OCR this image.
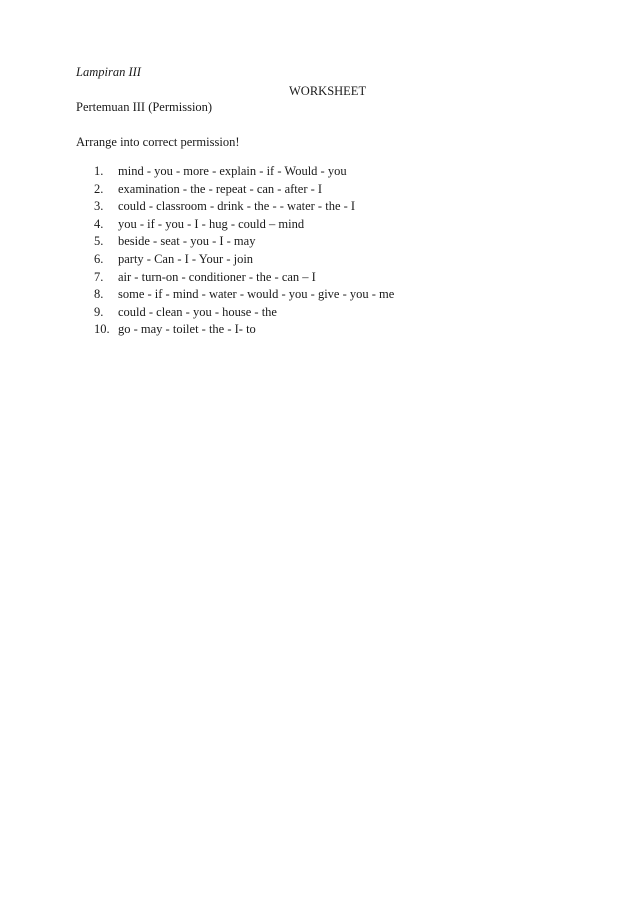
Lampiran III
WORKSHEET
Pertemuan III (Permission)
Arrange into correct permission!
1. mind - you - more - explain - if - Would - you
2. examination - the - repeat - can - after - I
3. could - classroom - drink - the - - water - the - I
4. you - if - you - I - hug - could – mind
5. beside - seat - you - I - may
6. party - Can - I - Your - join
7. air - turn-on - conditioner - the - can – I
8. some - if - mind - water - would - you - give - you - me
9. could - clean - you - house - the
10. go - may - toilet - the - I- to
